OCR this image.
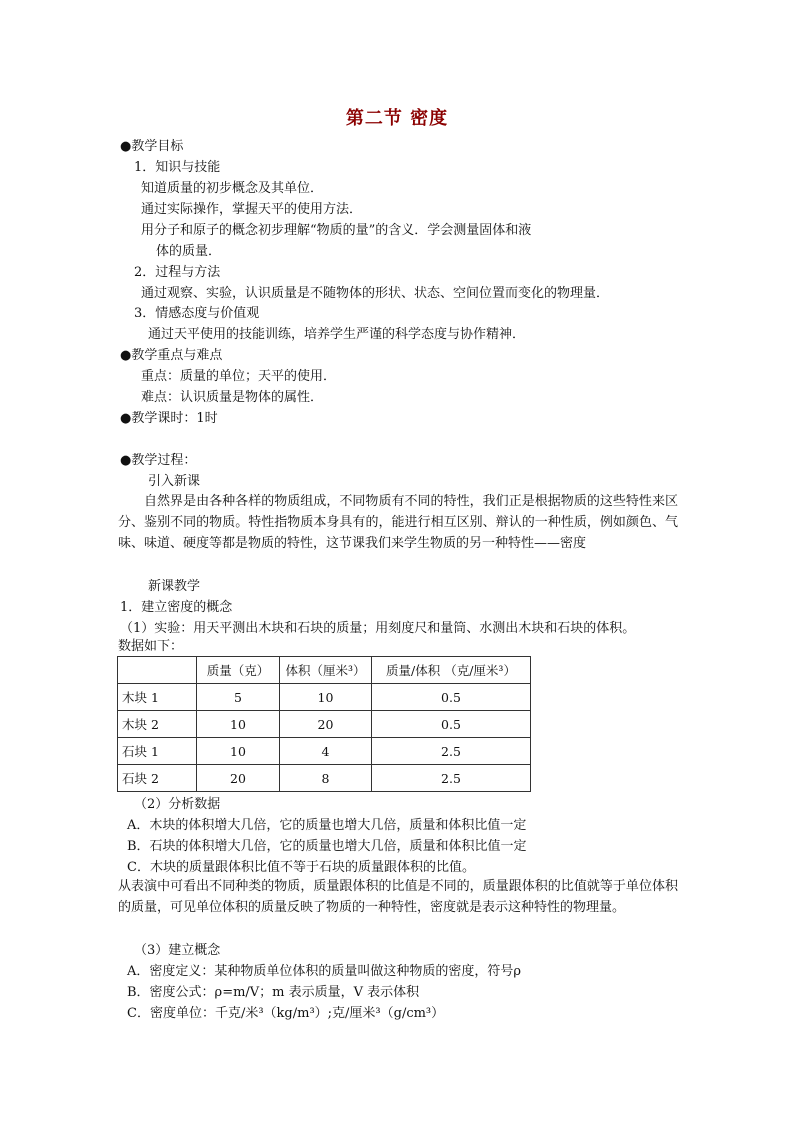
第二节 密度
●教学目标
1．知识与技能
知道质量的初步概念及其单位．
通过实际操作，掌握天平的使用方法．
用分子和原子的概念初步理解“物质的量”的含义．学会测量固体和液
体的质量．
2．过程与方法
通过观察、实验，认识质量是不随物体的形状、状态、空间位置而变化的物理量．
3．情感态度与价值观
通过天平使用的技能训练，培养学生严谨的科学态度与协作精神．
●教学重点与难点
重点：质量的单位；天平的使用．
难点：认识质量是物体的属性．
●教学课时：1时
●教学过程：
引入新课
自然界是由各种各样的物质组成，不同物质有不同的特性，我们正是根据物质的这些特性来区分、鉴别不同的物质。特性指物质本身具有的，能进行相互区别、辩认的一种性质，例如颜色、气味、味道、硬度等都是物质的特性，这节课我们来学生物质的另一种特性——密度
新课教学
1．建立密度的概念
（1）实验：用天平测出木块和石块的质量；用刻度尺和量筒、水测出木块和石块的体积。
数据如下：
	质量（克）	体积（厘米³）	质量/体积 （克/厘米³）
木块 1	5	10	0.5
木块 2	10	20	0.5
石块 1	10	4	2.5
石块 2	20	8	2.5
（2）分析数据
A．木块的体积增大几倍，它的质量也增大几倍，质量和体积比值一定
B．石块的体积增大几倍，它的质量也增大几倍，质量和体积比值一定
C．木块的质量跟体积比值不等于石块的质量跟体积的比值。
从表演中可看出不同种类的物质，质量跟体积的比值是不同的，质量跟体积的比值就等于单位体积的质量，可见单位体积的质量反映了物质的一种特性，密度就是表示这种特性的物理量。
（3）建立概念
A．密度定义：某种物质单位体积的质量叫做这种物质的密度，符号ρ
B．密度公式：ρ=m/V；m 表示质量，V 表示体积
C．密度单位：千克/米³（kg/m³）;克/厘米³（g/cm³）
